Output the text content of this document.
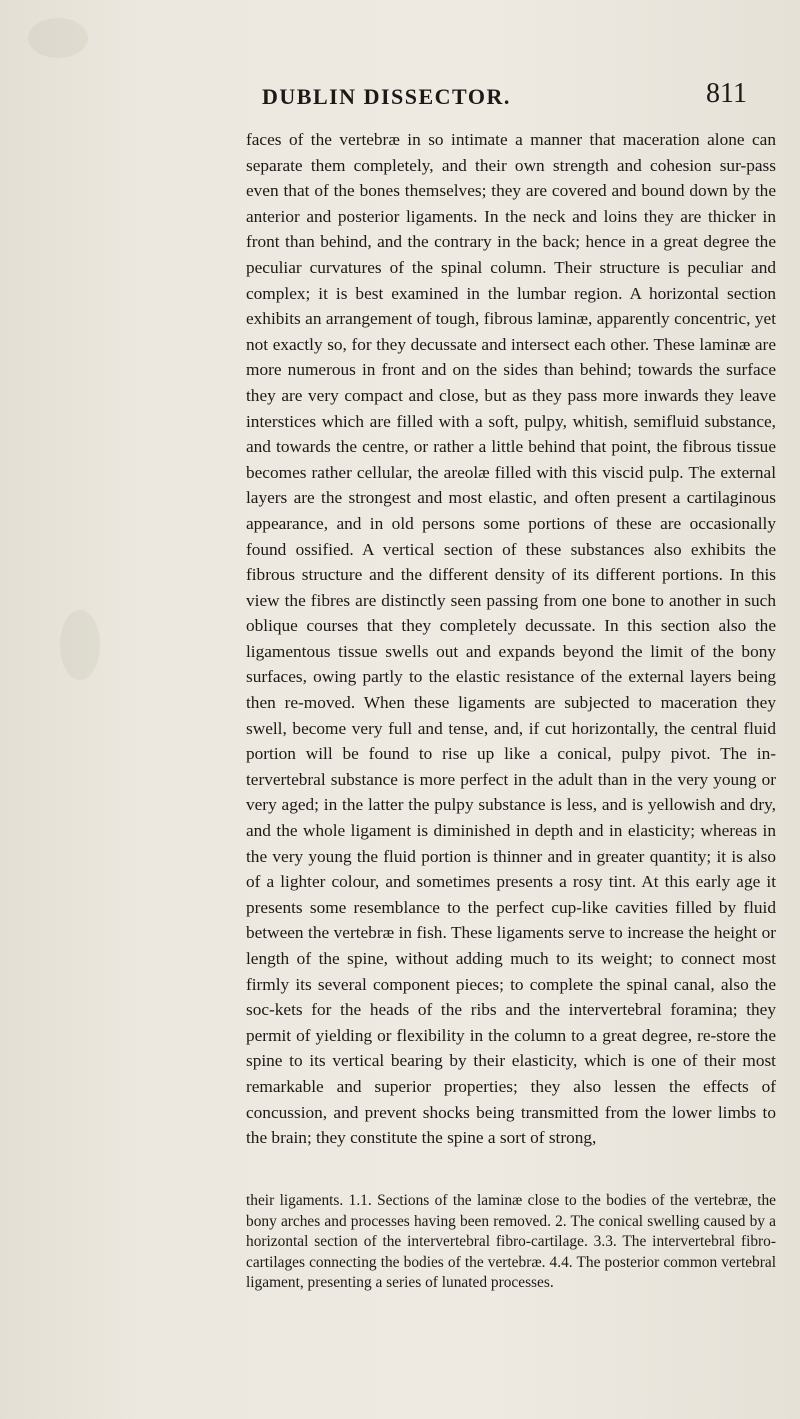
DUBLIN DISSECTOR.	811

faces of the vertebræ in so intimate a manner that maceration alone can separate them completely, and their own strength and cohesion sur-pass even that of the bones themselves; they are covered and bound down by the anterior and posterior ligaments. In the neck and loins they are thicker in front than behind, and the contrary in the back; hence in a great degree the peculiar curvatures of the spinal column. Their structure is peculiar and complex; it is best examined in the lumbar region. A horizontal section exhibits an arrangement of tough, fibrous laminæ, apparently concentric, yet not exactly so, for they decussate and intersect each other. These laminæ are more numerous in front and on the sides than behind; towards the surface they are very compact and close, but as they pass more inwards they leave interstices which are filled with a soft, pulpy, whitish, semifluid substance, and towards the centre, or rather a little behind that point, the fibrous tissue becomes rather cellular, the areolæ filled with this viscid pulp. The external layers are the strongest and most elastic, and often present a cartilaginous appearance, and in old persons some portions of these are occasionally found ossified. A vertical section of these substances also exhibits the fibrous structure and the different density of its different portions. In this view the fibres are distinctly seen passing from one bone to another in such oblique courses that they completely decussate. In this section also the ligamentous tissue swells out and expands beyond the limit of the bony surfaces, owing partly to the elastic resistance of the external layers being then re-moved. When these ligaments are subjected to maceration they swell, become very full and tense, and, if cut horizontally, the central fluid portion will be found to rise up like a conical, pulpy pivot. The in-tervertebral substance is more perfect in the adult than in the very young or very aged; in the latter the pulpy substance is less, and is yellowish and dry, and the whole ligament is diminished in depth and in elasticity; whereas in the very young the fluid portion is thinner and in greater quantity; it is also of a lighter colour, and sometimes presents a rosy tint. At this early age it presents some resemblance to the perfect cup-like cavities filled by fluid between the vertebræ in fish. These ligaments serve to increase the height or length of the spine, without adding much to its weight; to connect most firmly its several component pieces; to complete the spinal canal, also the soc-kets for the heads of the ribs and the intervertebral foramina; they permit of yielding or flexibility in the column to a great degree, re-store the spine to its vertical bearing by their elasticity, which is one of their most remarkable and superior properties; they also lessen the effects of concussion, and prevent shocks being transmitted from the lower limbs to the brain; they constitute the spine a sort of strong,

their ligaments. 1.1. Sections of the laminæ close to the bodies of the vertebræ, the bony arches and processes having been removed. 2. The conical swelling caused by a horizontal section of the intervertebral fibro-cartilage. 3.3. The intervertebral fibro-cartilages connecting the bodies of the vertebræ. 4.4. The posterior common vertebral ligament, presenting a series of lunated processes.
